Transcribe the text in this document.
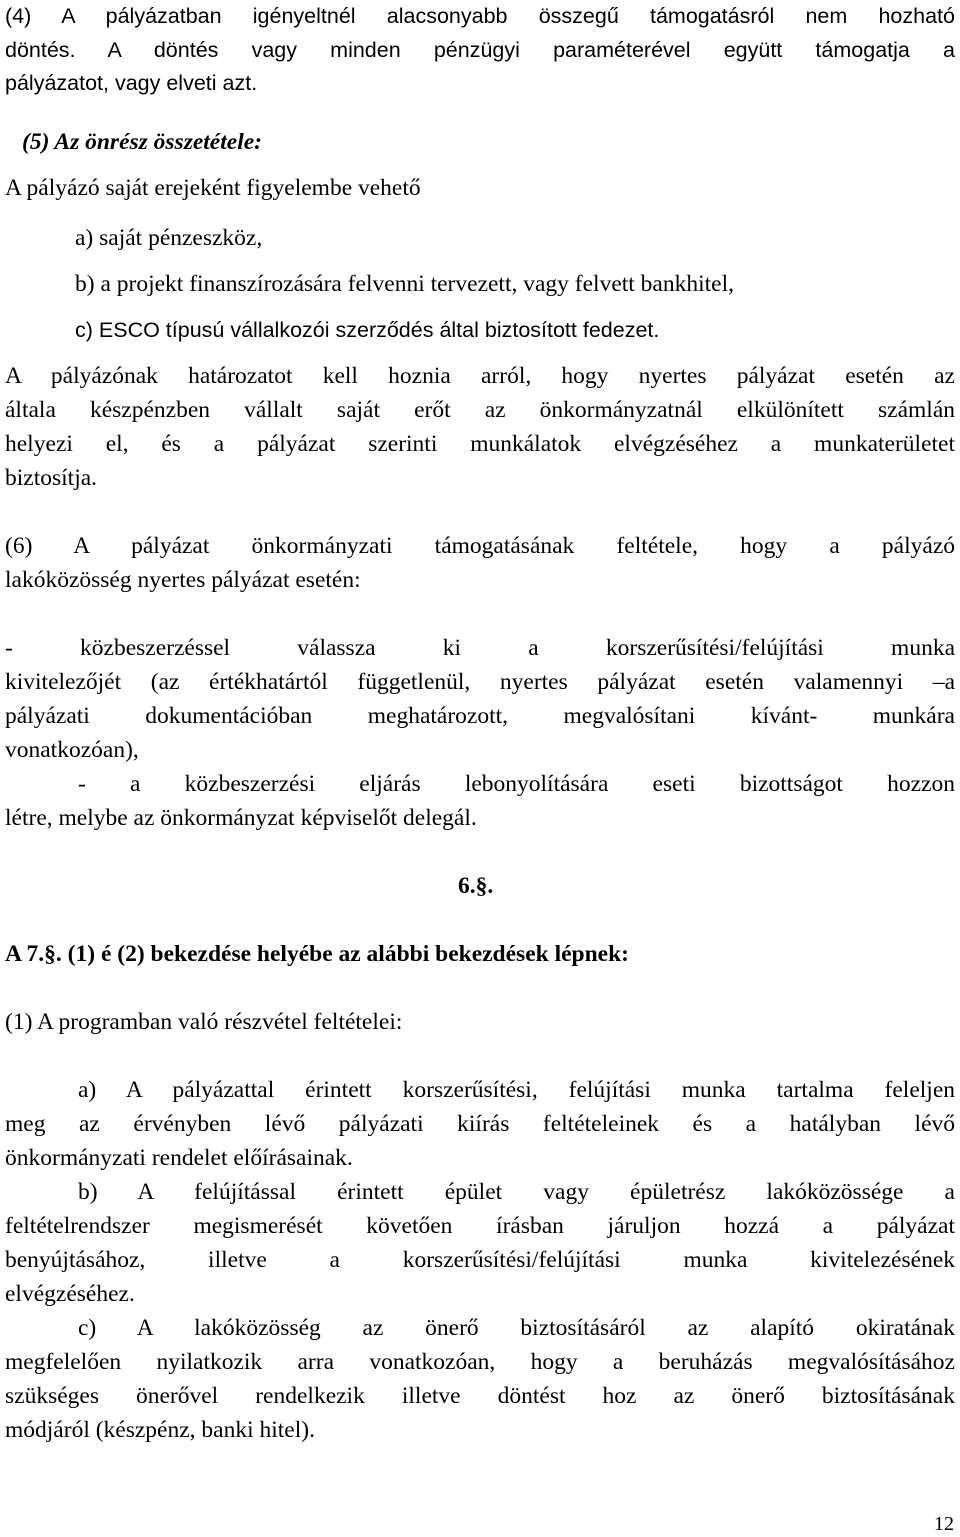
(4) A pályázatban igényeltnél alacsonyabb összegű támogatásról nem hozható
döntés. A döntés vagy minden pénzügyi paraméterével együtt támogatja a
pályázatot, vagy elveti azt.
(5) Az önrész összetétele:
A pályázó saját erejeként figyelembe vehető
a) saját pénzeszköz,
b) a projekt finanszírozására felvenni tervezett, vagy felvett bankhitel,
c) ESCO típusú vállalkozói szerződés által biztosított fedezet.
A pályázónak határozatot kell hoznia arról, hogy nyertes pályázat esetén az
általa készpénzben vállalt saját erőt az önkormányzatnál elkülönített számlán
helyezi el, és a pályázat szerinti munkálatok elvégzéséhez a munkaterületet
biztosítja.
(6) A pályázat önkormányzati támogatásának feltétele, hogy a pályázó
lakóközösség nyertes pályázat esetén:
- közbeszerzéssel válassza ki a korszerűsítési/felújítási munka
kivitelezőjét (az értékhatártól függetlenül, nyertes pályázat esetén valamennyi –a
pályázati dokumentációban meghatározott, megvalósítani kívánt- munkára
vonatkozóan),
- a közbeszerzési eljárás lebonyolítására eseti bizottságot hozzon
létre, melybe az önkormányzat képviselőt delegál.
6.§.
A 7.§. (1) é (2) bekezdése helyébe az alábbi bekezdések lépnek:
(1) A programban való részvétel feltételei:
a) A pályázattal érintett korszerűsítési, felújítási munka tartalma feleljen
meg az érvényben lévő pályázati kiírás feltételeinek és a hatályban lévő
önkormányzati rendelet előírásainak.
b) A felújítással érintett épület vagy épületrész lakóközössége a
feltételrendszer megismerését követően írásban járuljon hozzá a pályázat
benyújtásához, illetve a korszerűsítési/felújítási munka kivitelezésének
elvégzéséhez.
c) A lakóközösség az önerő biztosításáról az alapító okiratának
megfelelően nyilatkozik arra vonatkozóan, hogy a beruházás megvalósításához
szükséges önerővel rendelkezik illetve döntést hoz az önerő biztosításának
módjáról (készpénz, banki hitel).
12
